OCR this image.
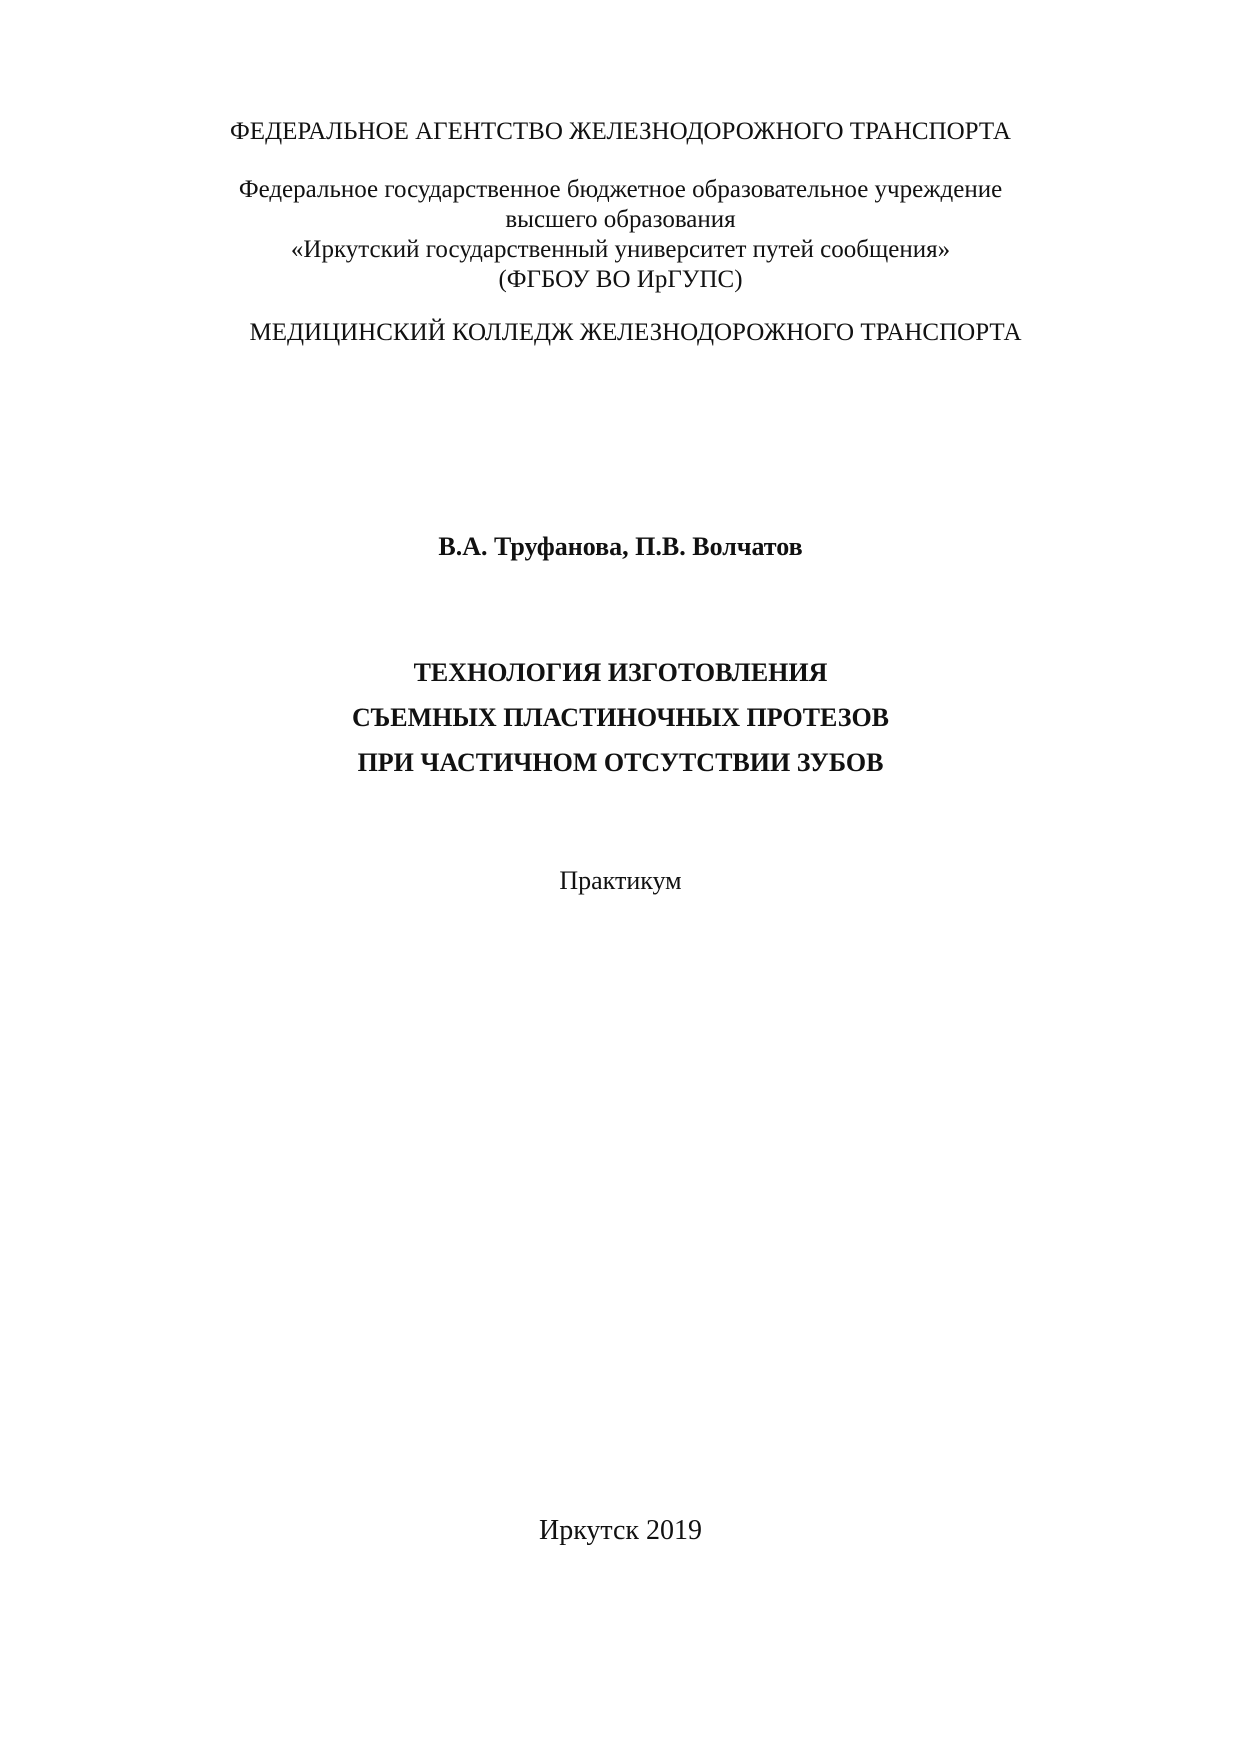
ФЕДЕРАЛЬНОЕ АГЕНТСТВО ЖЕЛЕЗНОДОРОЖНОГО ТРАНСПОРТА
Федеральное государственное бюджетное образовательное учреждение
высшего образования
«Иркутский государственный университет путей сообщения»
(ФГБОУ ВО ИрГУПС)
МЕДИЦИНСКИЙ КОЛЛЕДЖ ЖЕЛЕЗНОДОРОЖНОГО ТРАНСПОРТА
В.А. Труфанова, П.В. Волчатов
ТЕХНОЛОГИЯ ИЗГОТОВЛЕНИЯ
СЪЕМНЫХ ПЛАСТИНОЧНЫХ ПРОТЕЗОВ
ПРИ ЧАСТИЧНОМ ОТСУТСТВИИ ЗУБОВ
Практикум
Иркутск 2019
